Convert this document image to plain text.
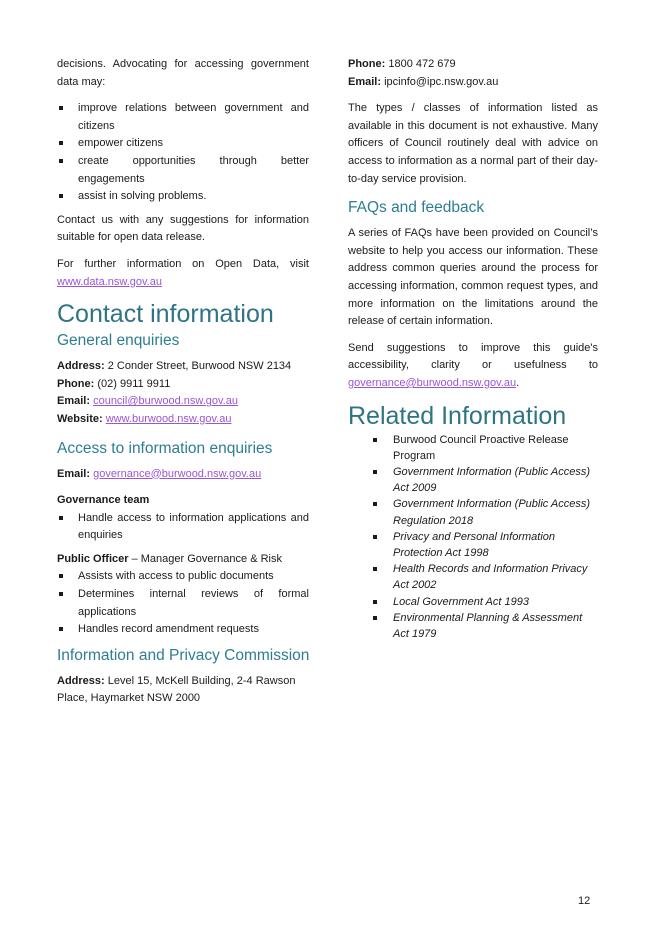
decisions. Advocating for accessing government data may:

improve relations between government and citizens
empower citizens
create opportunities through better engagements
assist in solving problems.

Contact us with any suggestions for information suitable for open data release.

For further information on Open Data, visit www.data.nsw.gov.au

Contact information
General enquiries

Address: 2 Conder Street, Burwood NSW 2134
Phone: (02) 9911 9911
Email: council@burwood.nsw.gov.au
Website: www.burwood.nsw.gov.au

Access to information enquiries

Email: governance@burwood.nsw.gov.au

Governance team

Handle access to information applications and enquiries

Public Officer – Manager Governance & Risk

Assists with access to public documents
Determines internal reviews of formal applications
Handles record amendment requests
Information and Privacy Commission

Address: Level 15, McKell Building, 2-4 Rawson Place, Haymarket NSW 2000

Phone: 1800 472 679
Email: ipcinfo@ipc.nsw.gov.au

The types / classes of information listed as available in this document is not exhaustive. Many officers of Council routinely deal with advice on access to information as a normal part of their day-to-day service provision.

FAQs and feedback

A series of FAQs have been provided on Council’s website to help you access our information. These address common queries around the process for accessing information, common request types, and more information on the limitations around the release of certain information.

Send suggestions to improve this guide's accessibility, clarity or usefulness to governance@burwood.nsw.gov.au.

Related Information
Burwood Council Proactive Release Program
Government Information (Public Access) Act 2009
Government Information (Public Access) Regulation 2018
Privacy and Personal Information Protection Act 1998
Health Records and Information Privacy Act 2002
Local Government Act 1993
Environmental Planning & Assessment Act 1979
12
